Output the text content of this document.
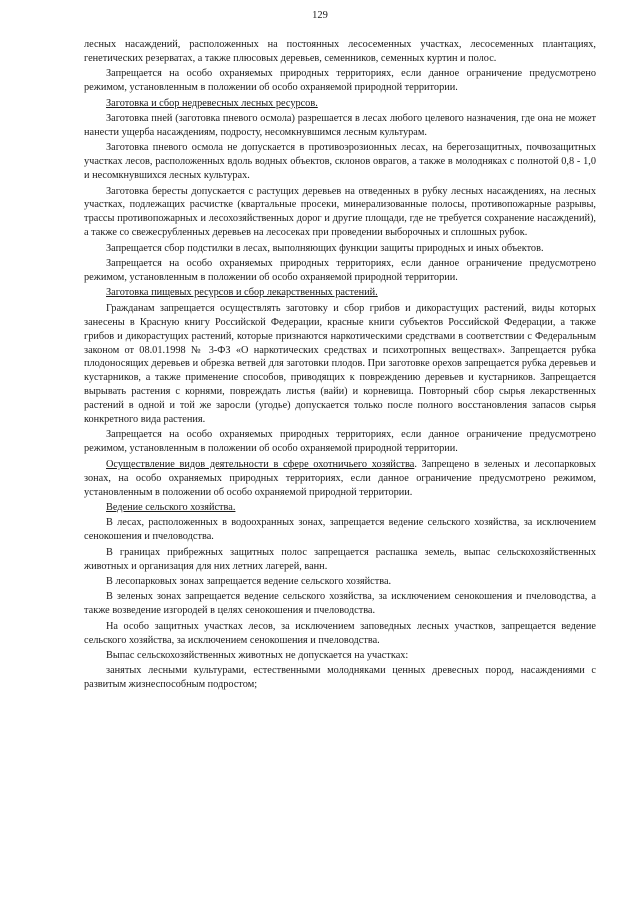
129

лесных насаждений, расположенных на постоянных лесосеменных участках, лесосеменных плантациях, генетических резерватах, а также плюсовых деревьев, семенников, семенных куртин и полос.

Запрещается на особо охраняемых природных территориях, если данное ограничение предусмотрено режимом, установленным в положении об особо охраняемой природной территории.

Заготовка и сбор недревесных лесных ресурсов.

Заготовка пней (заготовка пневого осмола) разрешается в лесах любого целевого назначения, где она не может нанести ущерба насаждениям, подросту, несомкнувшимся лесным культурам.

Заготовка пневого осмола не допускается в противоэрозионных лесах, на берегозащитных, почвозащитных участках лесов, расположенных вдоль водных объектов, склонов оврагов, а также в молодняках с полнотой 0,8 - 1,0 и несомкнувшихся лесных культурах.

Заготовка бересты допускается с растущих деревьев на отведенных в рубку лесных насаждениях, на лесных участках, подлежащих расчистке (квартальные просеки, минерализованные полосы, противопожарные разрывы, трассы противопожарных и лесохозяйственных дорог и другие площади, где не требуется сохранение насаждений), а также со свежесрубленных деревьев на лесосеках при проведении выборочных и сплошных рубок.

Запрещается сбор подстилки в лесах, выполняющих функции защиты природных и иных объектов.

Запрещается на особо охраняемых природных территориях, если данное ограничение предусмотрено режимом, установленным в положении об особо охраняемой природной территории.

Заготовка пищевых ресурсов и сбор лекарственных растений.

Гражданам запрещается осуществлять заготовку и сбор грибов и дикорастущих растений, виды которых занесены в Красную книгу Российской Федерации, красные книги субъектов Российской Федерации, а также грибов и дикорастущих растений, которые признаются наркотическими средствами в соответствии с Федеральным законом от 08.01.1998 № 3-ФЗ «О наркотических средствах и психотропных веществах». Запрещается рубка плодоносящих деревьев и обрезка ветвей для заготовки плодов. При заготовке орехов запрещается рубка деревьев и кустарников, а также применение способов, приводящих к повреждению деревьев и кустарников. Запрещается вырывать растения с корнями, повреждать листья (вайи) и корневища. Повторный сбор сырья лекарственных растений в одной и той же заросли (угодье) допускается только после полного восстановления запасов сырья конкретного вида растения.

Запрещается на особо охраняемых природных территориях, если данное ограничение предусмотрено режимом, установленным в положении об особо охраняемой природной территории.

Осуществление видов деятельности в сфере охотничьего хозяйства. Запрещено в зеленых и лесопарковых зонах, на особо охраняемых природных территориях, если данное ограничение предусмотрено режимом, установленным в положении об особо охраняемой природной территории.

Ведение сельского хозяйства.

В лесах, расположенных в водоохранных зонах, запрещается ведение сельского хозяйства, за исключением сенокошения и пчеловодства.

В границах прибрежных защитных полос запрещается распашка земель, выпас сельскохозяйственных животных и организация для них летних лагерей, ванн.

В лесопарковых зонах запрещается ведение сельского хозяйства.

В зеленых зонах запрещается ведение сельского хозяйства, за исключением сенокошения и пчеловодства, а также возведение изгородей в целях сенокошения и пчеловодства.

На особо защитных участках лесов, за исключением заповедных лесных участков, запрещается ведение сельского хозяйства, за исключением сенокошения и пчеловодства.

Выпас сельскохозяйственных животных не допускается на участках:

занятых лесными культурами, естественными молодняками ценных древесных пород, насаждениями с развитым жизнеспособным подростом;
